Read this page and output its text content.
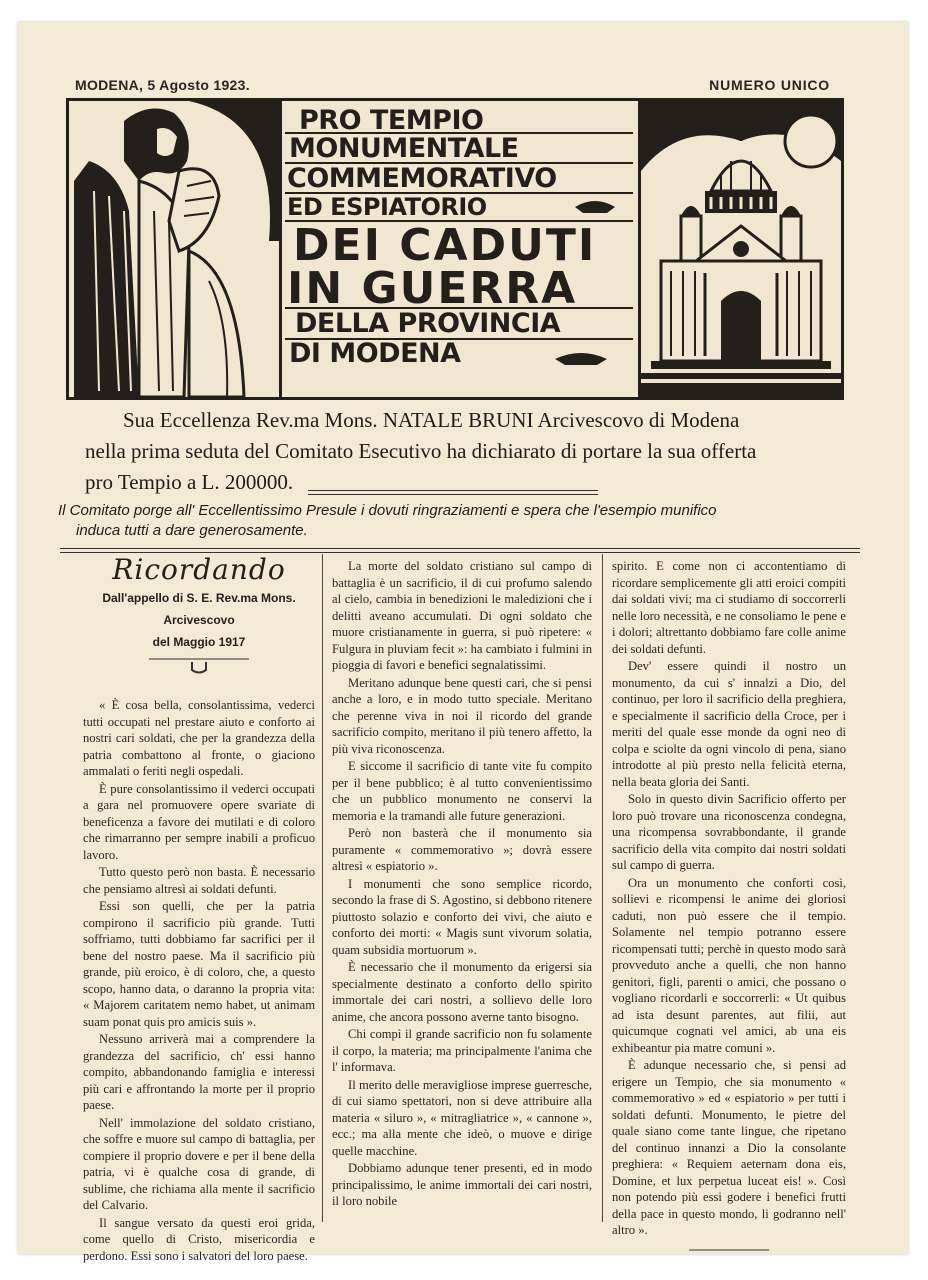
MODENA, 5 Agosto 1923.	NUMERO UNICO
PRO TEMPIO
MONUMENTALE
COMMEMORATIVO
ED ESPIATORIO
DEI CADUTI
IN GUERRA
DELLA PROVINCIA
DI MODENA
Sua Eccellenza Rev.ma Mons. NATALE BRUNI Arcivescovo di Modena
nella prima seduta del Comitato Esecutivo ha dichiarato di portare la sua offerta
pro Tempio a L. 200000.
Il Comitato porge all' Eccellentissimo Presule i dovuti ringraziamenti e spera che l'esempio munifico
induca tutti a dare generosamente.
Ricordando
Dall'appello di S. E. Rev.ma Mons. Arcivescovo
del Maggio 1917

« È cosa bella, consolantissima, vederci tutti occupati nel prestare aiuto e conforto ai nostri cari soldati, che per la grandezza della patria combattono al fronte, o giaciono ammalati o feriti negli ospedali.

È pure consolantissimo il vederci occupati a gara nel promuovere opere svariate di beneficenza a favore dei mutilati e di coloro che rimarranno per sempre inabili a proficuo lavoro.

Tutto questo però non basta. È necessario che pensiamo altresì ai soldati defunti.

Essi son quelli, che per la patria compirono il sacrificio più grande. Tutti soffriamo, tutti dobbiamo far sacrifici per il bene del nostro paese. Ma il sacrificio più grande, più eroico, è di coloro, che, a questo scopo, hanno data, o daranno la propria vita: « Majorem caritatem nemo habet, ut animam suam ponat quis pro amicis suis ».

Nessuno arriverà mai a comprendere la grandezza del sacrificio, ch' essi hanno compito, abbandonando famiglia e interessi più cari e affrontando la morte per il proprio paese.

Nell' immolazione del soldato cristiano, che soffre e muore sul campo di battaglia, per compiere il proprio dovere e per il bene della patria, vi è qualche cosa di grande, di sublime, che richiama alla mente il sacrificio del Calvario.

Il sangue versato da questi eroi grida, come quello di Cristo, misericordia e perdono. Essi sono i salvatori del loro paese.

La morte del soldato cristiano sul campo di battaglia è un sacrificio, il di cui profumo salendo al cielo, cambia in benedizioni le maledizioni che i delitti aveano accumulati. Di ogni soldato che muore cristianamente in guerra, si può ripetere: « Fulgura in pluviam fecit »: ha cambiato i fulmini in pioggia di favori e benefici segnalatissimi.

Meritano adunque bene questi cari, che si pensi anche a loro, e in modo tutto speciale. Meritano che perenne viva in noi il ricordo del grande sacrificio compito, meritano il più tenero affetto, la più viva riconoscenza.

E siccome il sacrificio di tante vite fu compito per il bene pubblico; è al tutto convenientissimo che un pubblico monumento ne conservi la memoria e la tramandi alle future generazioni.

Però non basterà che il monumento sia puramente « commemorativo »; dovrà essere altresì « espiatorio ».

I monumenti che sono semplice ricordo, secondo la frase di S. Agostino, si debbono ritenere piuttosto solazio e conforto dei vivi, che aiuto e conforto dei morti: « Magis sunt vivorum solatia, quam subsidia mortuorum ».

È necessario che il monumento da erigersi sia specialmente destinato a conforto dello spirito immortale dei cari nostri, a sollievo delle loro anime, che ancora possono averne tanto bisogno.

Chi compì il grande sacrificio non fu solamente il corpo, la materia; ma principalmente l'anima che l' informava.

Il merito delle meravigliose imprese guerresche, di cui siamo spettatori, non si deve attribuire alla materia « siluro », « mitragliatrice », « cannone », ecc.; ma alla mente che ideò, o muove e dirige quelle macchine.

Dobbiamo adunque tener presenti, ed in modo principalissimo, le anime immortali dei cari nostri, il loro nobile

spirito. E come non ci accontentiamo di ricordare semplicemente gli atti eroici compiti dai soldati vivi; ma ci studiamo di soccorrerli nelle loro necessità, e ne consoliamo le pene e i dolori; altrettanto dobbiamo fare colle anime dei soldati defunti.

Dev' essere quindi il nostro un monumento, da cui s' innalzi a Dio, del continuo, per loro il sacrificio della preghiera, e specialmente il sacrificio della Croce, per i meriti del quale esse monde da ogni neo di colpa e sciolte da ogni vincolo di pena, siano introdotte al più presto nella felicità eterna, nella beata gloria dei Santi.

Solo in questo divin Sacrificio offerto per loro può trovare una riconoscenza condegna, una ricompensa sovrabbondante, il grande sacrificio della vita compito dai nostri soldati sul campo di guerra.

Ora un monumento che conforti così, sollievi e ricompensi le anime dei gloriosi caduti, non può essere che il tempio. Solamente nel tempio potranno essere ricompensati tutti; perchè in questo modo sarà provveduto anche a quelli, che non hanno genitori, figli, parenti o amici, che possano o vogliano ricordarli e soccorrerli: « Ut quibus ad ista desunt parentes, aut filii, aut quicumque cognati vel amici, ab una eis exhibeantur pia matre comuni ».

È adunque necessario che, si pensi ad erigere un Tempio, che sia monumento « commemorativo » ed « espiatorio » per tutti i soldati defunti. Monumento, le pietre del quale siano come tante lingue, che ripetano del continuo innanzi a Dio la consolante preghiera: « Requiem aeternam dona eis, Domine, et lux perpetua luceat eis! ». Così non potendo più essi godere i benefici frutti della pace in questo mondo, li godranno nell' altro ».
